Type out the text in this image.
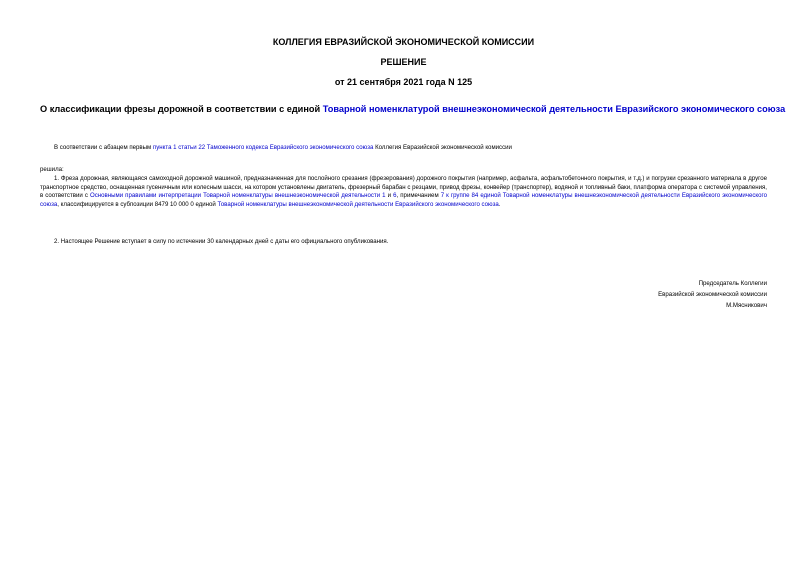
КОЛЛЕГИЯ ЕВРАЗИЙСКОЙ ЭКОНОМИЧЕСКОЙ КОМИССИИ
РЕШЕНИЕ
от 21 сентября 2021 года N 125
О классификации фрезы дорожной в соответствии с единой Товарной номенклатурой внешнеэкономической деятельности Евразийского экономического союза
В соответствии с абзацем первым пункта 1 статьи 22 Таможенного кодекса Евразийского экономического союза Коллегия Евразийской экономической комиссии
решила:
1. Фреза дорожная, являющаяся самоходной дорожной машиной, предназначенная для послойного срезания (фрезерования) дорожного покрытия (например, асфальта, асфальтобетонного покрытия, и т.д.) и погрузки срезанного материала в другое транспортное средство, оснащенная гусеничным или колесным шасси, на котором установлены двигатель, фрезерный барабан с резцами, привод фрезы, конвейер (транспортер), водяной и топливный баки, платформа оператора с системой управления, в соответствии с Основными правилами интерпретации Товарной номенклатуры внешнеэкономической деятельности 1 и 6, примечанием 7 к группе 84 единой Товарной номенклатуры внешнеэкономической деятельности Евразийского экономического союза, классифицируется в субпозиции 8479 10 000 0 единой Товарной номенклатуры внешнеэкономической деятельности Евразийского экономического союза.
2. Настоящее Решение вступает в силу по истечении 30 календарных дней с даты его официального опубликования.
Председатель Коллегии
Евразийской экономической комиссии
М.Мясникович
